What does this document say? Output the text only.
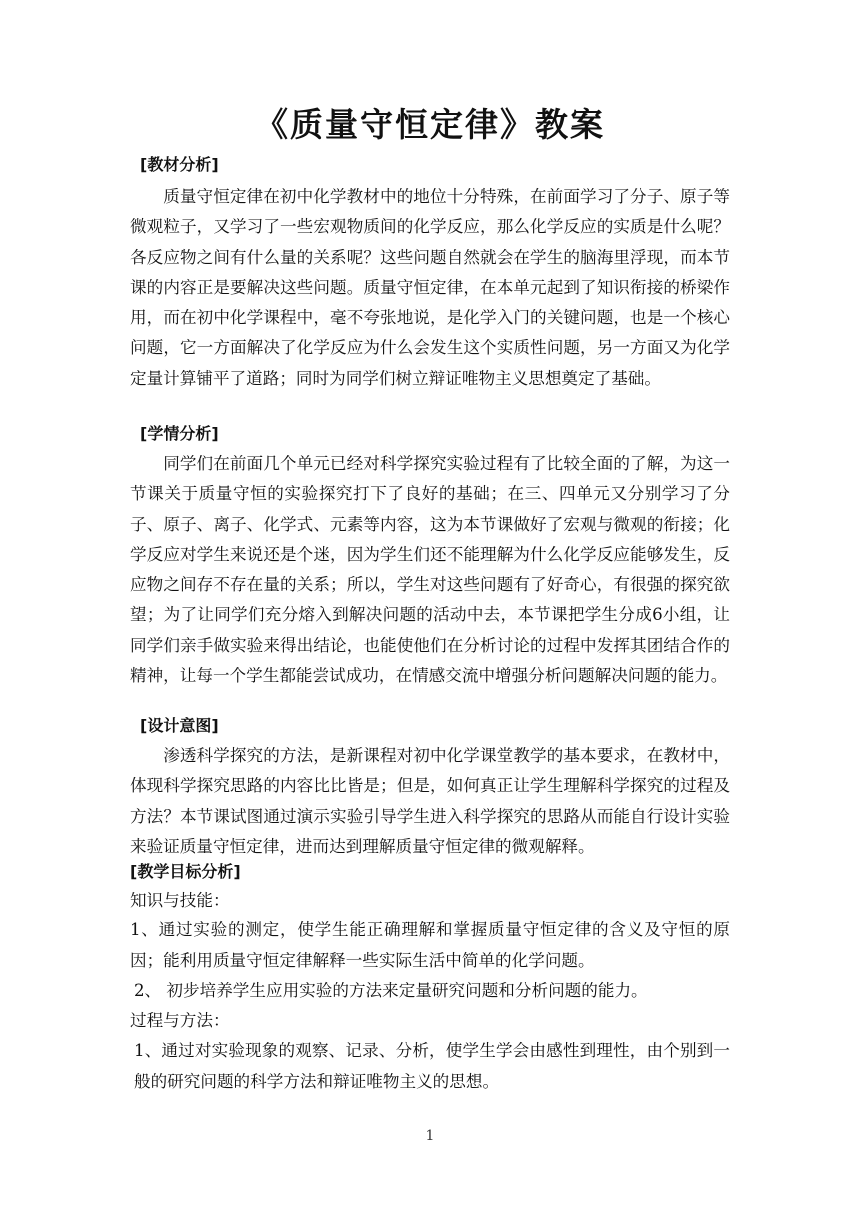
《质量守恒定律》教案
[教材分析]

质量守恒定律在初中化学教材中的地位十分特殊，在前面学习了分子、原子等微观粒子，又学习了一些宏观物质间的化学反应，那么化学反应的实质是什么呢？各反应物之间有什么量的关系呢？这些问题自然就会在学生的脑海里浮现，而本节课的内容正是要解决这些问题。质量守恒定律，在本单元起到了知识衔接的桥梁作用，而在初中化学课程中，毫不夸张地说，是化学入门的关键问题，也是一个核心问题，它一方面解决了化学反应为什么会发生这个实质性问题，另一方面又为化学定量计算铺平了道路；同时为同学们树立辩证唯物主义思想奠定了基础。

[学情分析]

同学们在前面几个单元已经对科学探究实验过程有了比较全面的了解，为这一节课关于质量守恒的实验探究打下了良好的基础；在三、四单元又分别学习了分子、原子、离子、化学式、元素等内容，这为本节课做好了宏观与微观的衔接；化学反应对学生来说还是个迷，因为学生们还不能理解为什么化学反应能够发生，反应物之间存不存在量的关系；所以，学生对这些问题有了好奇心，有很强的探究欲望；为了让同学们充分熔入到解决问题的活动中去，本节课把学生分成6小组，让同学们亲手做实验来得出结论，也能使他们在分析讨论的过程中发挥其团结合作的精神，让每一个学生都能尝试成功，在情感交流中增强分析问题解决问题的能力。

[设计意图]

渗透科学探究的方法，是新课程对初中化学课堂教学的基本要求，在教材中，体现科学探究思路的内容比比皆是；但是，如何真正让学生理解科学探究的过程及方法？本节课试图通过演示实验引导学生进入科学探究的思路从而能自行设计实验来验证质量守恒定律，进而达到理解质量守恒定律的微观解释。

[教学目标分析]
知识与技能：

1、通过实验的测定，使学生能正确理解和掌握质量守恒定律的含义及守恒的原因；能利用质量守恒定律解释一些实际生活中简单的化学问题。

2、 初步培养学生应用实验的方法来定量研究问题和分析问题的能力。
过程与方法：

1、通过对实验现象的观察、记录、分析，使学生学会由感性到理性，由个别到一般的研究问题的科学方法和辩证唯物主义的思想。

1
